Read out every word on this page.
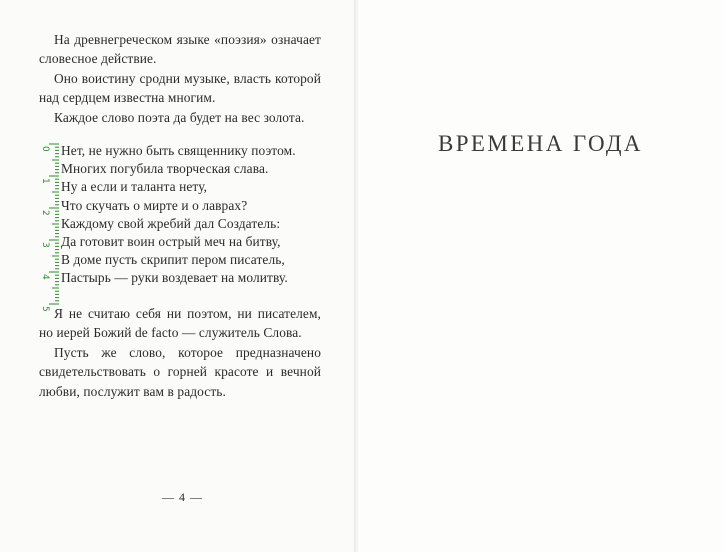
На древнегреческом языке «поэзия» означает словесное действие.

Оно воистину сродни музыке, власть которой над сердцем известна многим.

Каждое слово поэта да будет на вес золота.

0
1
2
3
4
5
Нет, не нужно быть священнику поэтом.
Многих погубила творческая слава.
Ну а если и таланта нету,
Что скучать о мирте и о лаврах?
Каждому свой жребий дал Создатель:
Да готовит воин острый меч на битву,
В доме пусть скрипит пером писатель,
Пастырь — руки воздевает на молитву.

Я не считаю себя ни поэтом, ни писателем, но иерей Божий de facto — служитель Слова.

Пусть же слово, которое предназначено свидетельствовать о горней красоте и вечной любви, послужит вам в радость.

— 4 —
ВРЕМЕНА ГОДА
